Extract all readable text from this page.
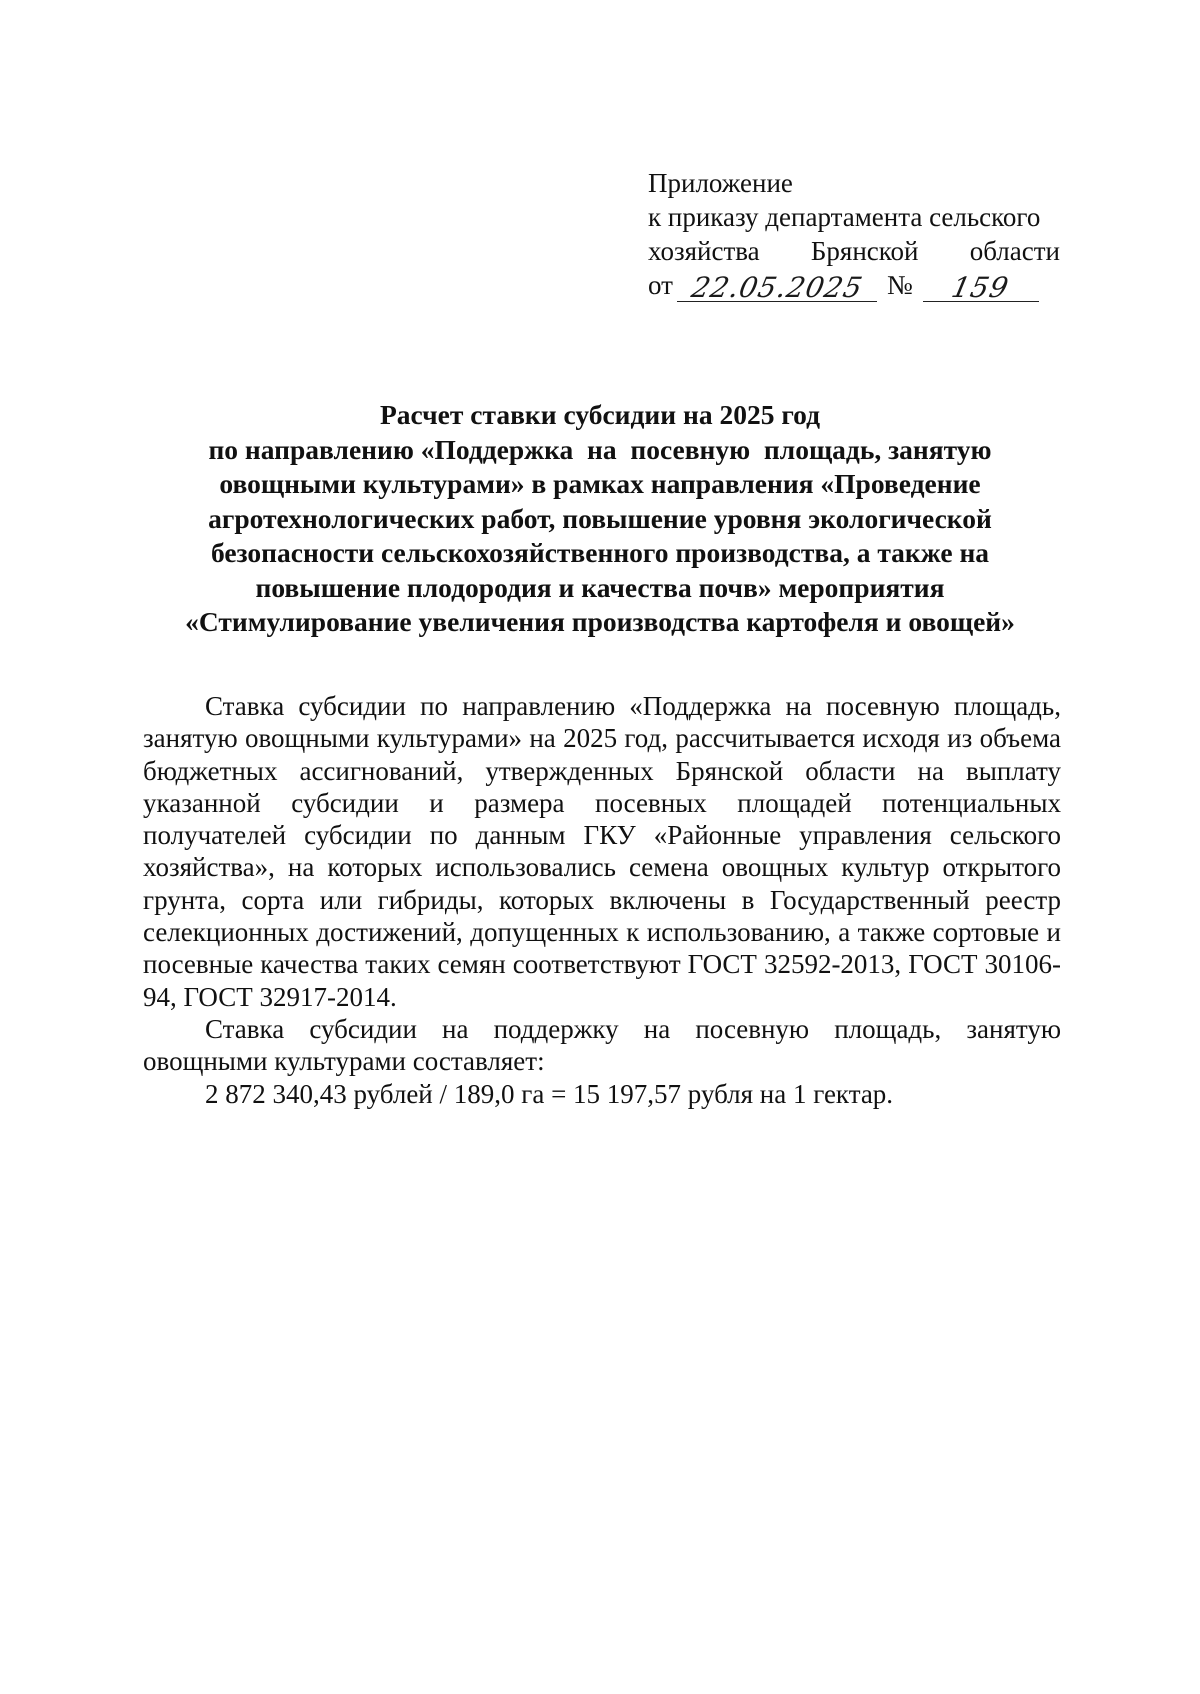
Приложение
к приказу департамента сельского
хозяйства Брянской области
от 22.05.2025 №	159
Расчет ставки субсидии на 2025 год
по направлению «Поддержка  на  посевную  площадь, занятую
овощными культурами» в рамках направления «Проведение
агротехнологических работ, повышение уровня экологической
безопасности сельскохозяйственного производства, а также на
повышение плодородия и качества почв» мероприятия
«Стимулирование увеличения производства картофеля и овощей»

Ставка субсидии по направлению «Поддержка на посевную площадь, занятую овощными культурами» на 2025 год, рассчитывается исходя из объема бюджетных ассигнований, утвержденных Брянской области на выплату указанной субсидии и размера посевных площадей потенциальных получателей субсидии по данным ГКУ «Районные управления сельского хозяйства», на которых использовались семена овощных культур открытого грунта, сорта или гибриды, которых включены в Государственный реестр селекционных достижений, допущенных к использованию, а также сортовые и посевные качества таких семян соответствуют ГОСТ 32592-2013, ГОСТ 30106-94, ГОСТ 32917-2014.

Ставка субсидии на поддержку на посевную площадь, занятую овощными культурами составляет:

2 872 340,43 рублей / 189,0 га = 15 197,57 рубля на 1 гектар.
